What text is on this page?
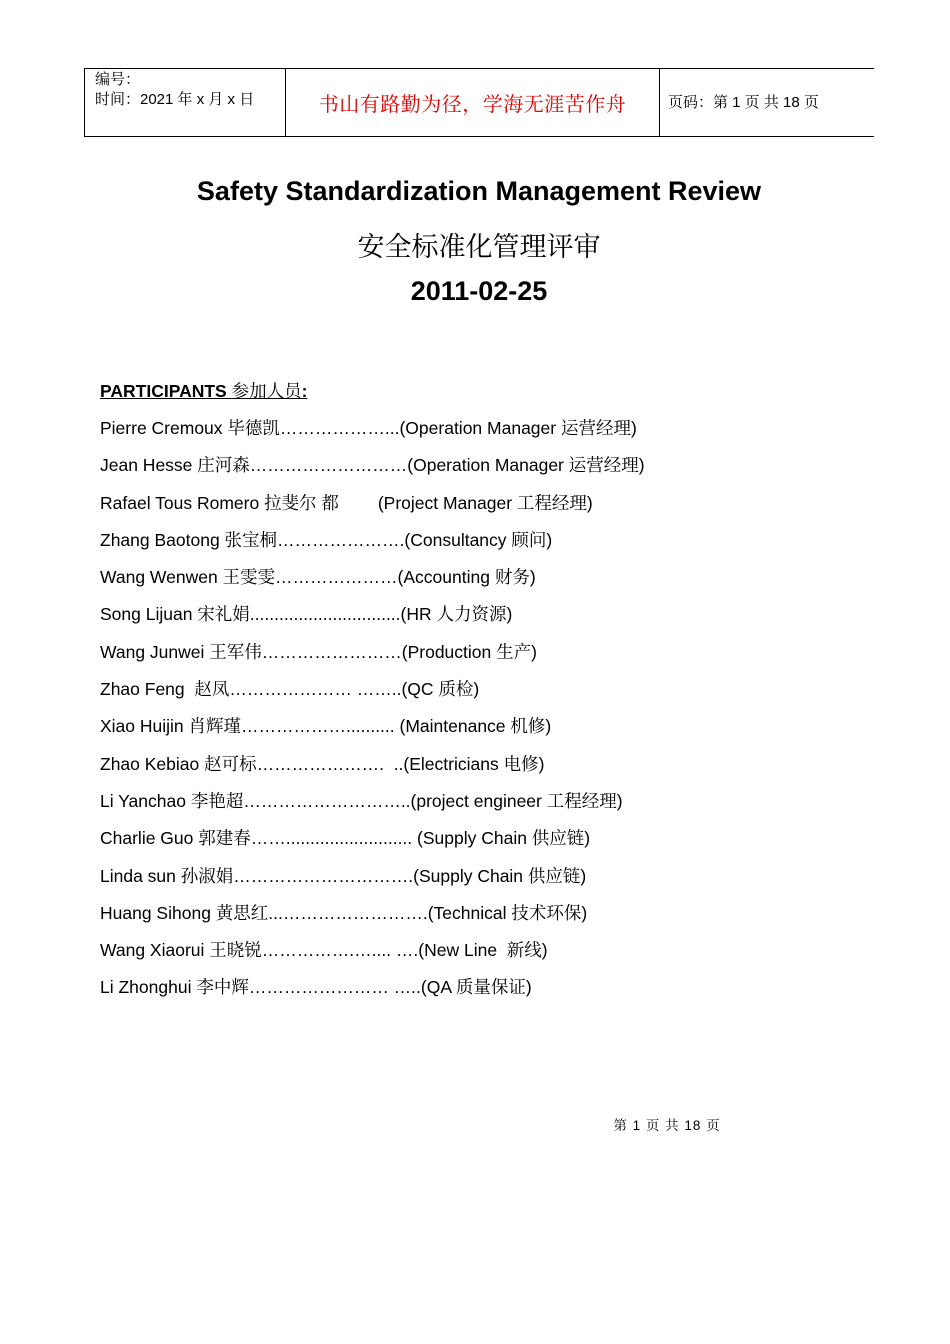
编号：
时间：2021 年 x 月 x 日	书山有路勤为径，学海无涯苦作舟	页码：第 1 页 共 18 页
Safety Standardization Management Review
安全标准化管理评审
2011-02-25
PARTICIPANTS 参加人员:
Pierre Cremoux 毕德凯………………...(Operation Manager 运营经理)
Jean Hesse 庄河森………………………(Operation Manager 运营经理)
Rafael Tous Romero 拉斐尔 都        (Project Manager 工程经理)
Zhang Baotong 张宝桐………………….(Consultancy 顾问)
Wang Wenwen 王雯雯…………………(Accounting 财务)
Song Lijuan 宋礼娟...............................(HR 人力资源)
Wang Junwei 王军伟……………………(Production 生产)
Zhao Feng  赵凤………………… ……..(QC 质检)
Xiao Huijin 肖辉瑾……………….......... (Maintenance 机修)
Zhao Kebiao 赵可标………………….  ..(Electricians 电修)
Li Yanchao 李艳超………………………..(project engineer 工程经理)
Charlie Guo 郭建春…….......................... (Supply Chain 供应链)
Linda sun 孙淑娟………………………….(Supply Chain 供应链)
Huang Sihong 黄思红...…………………….(Technical 技术环保)
Wang Xiaorui 王晓锐…………….….... ….(New Line  新线)
Li Zhonghui 李中辉…………………… …..(QA 质量保证)
第 1 页 共 18 页
